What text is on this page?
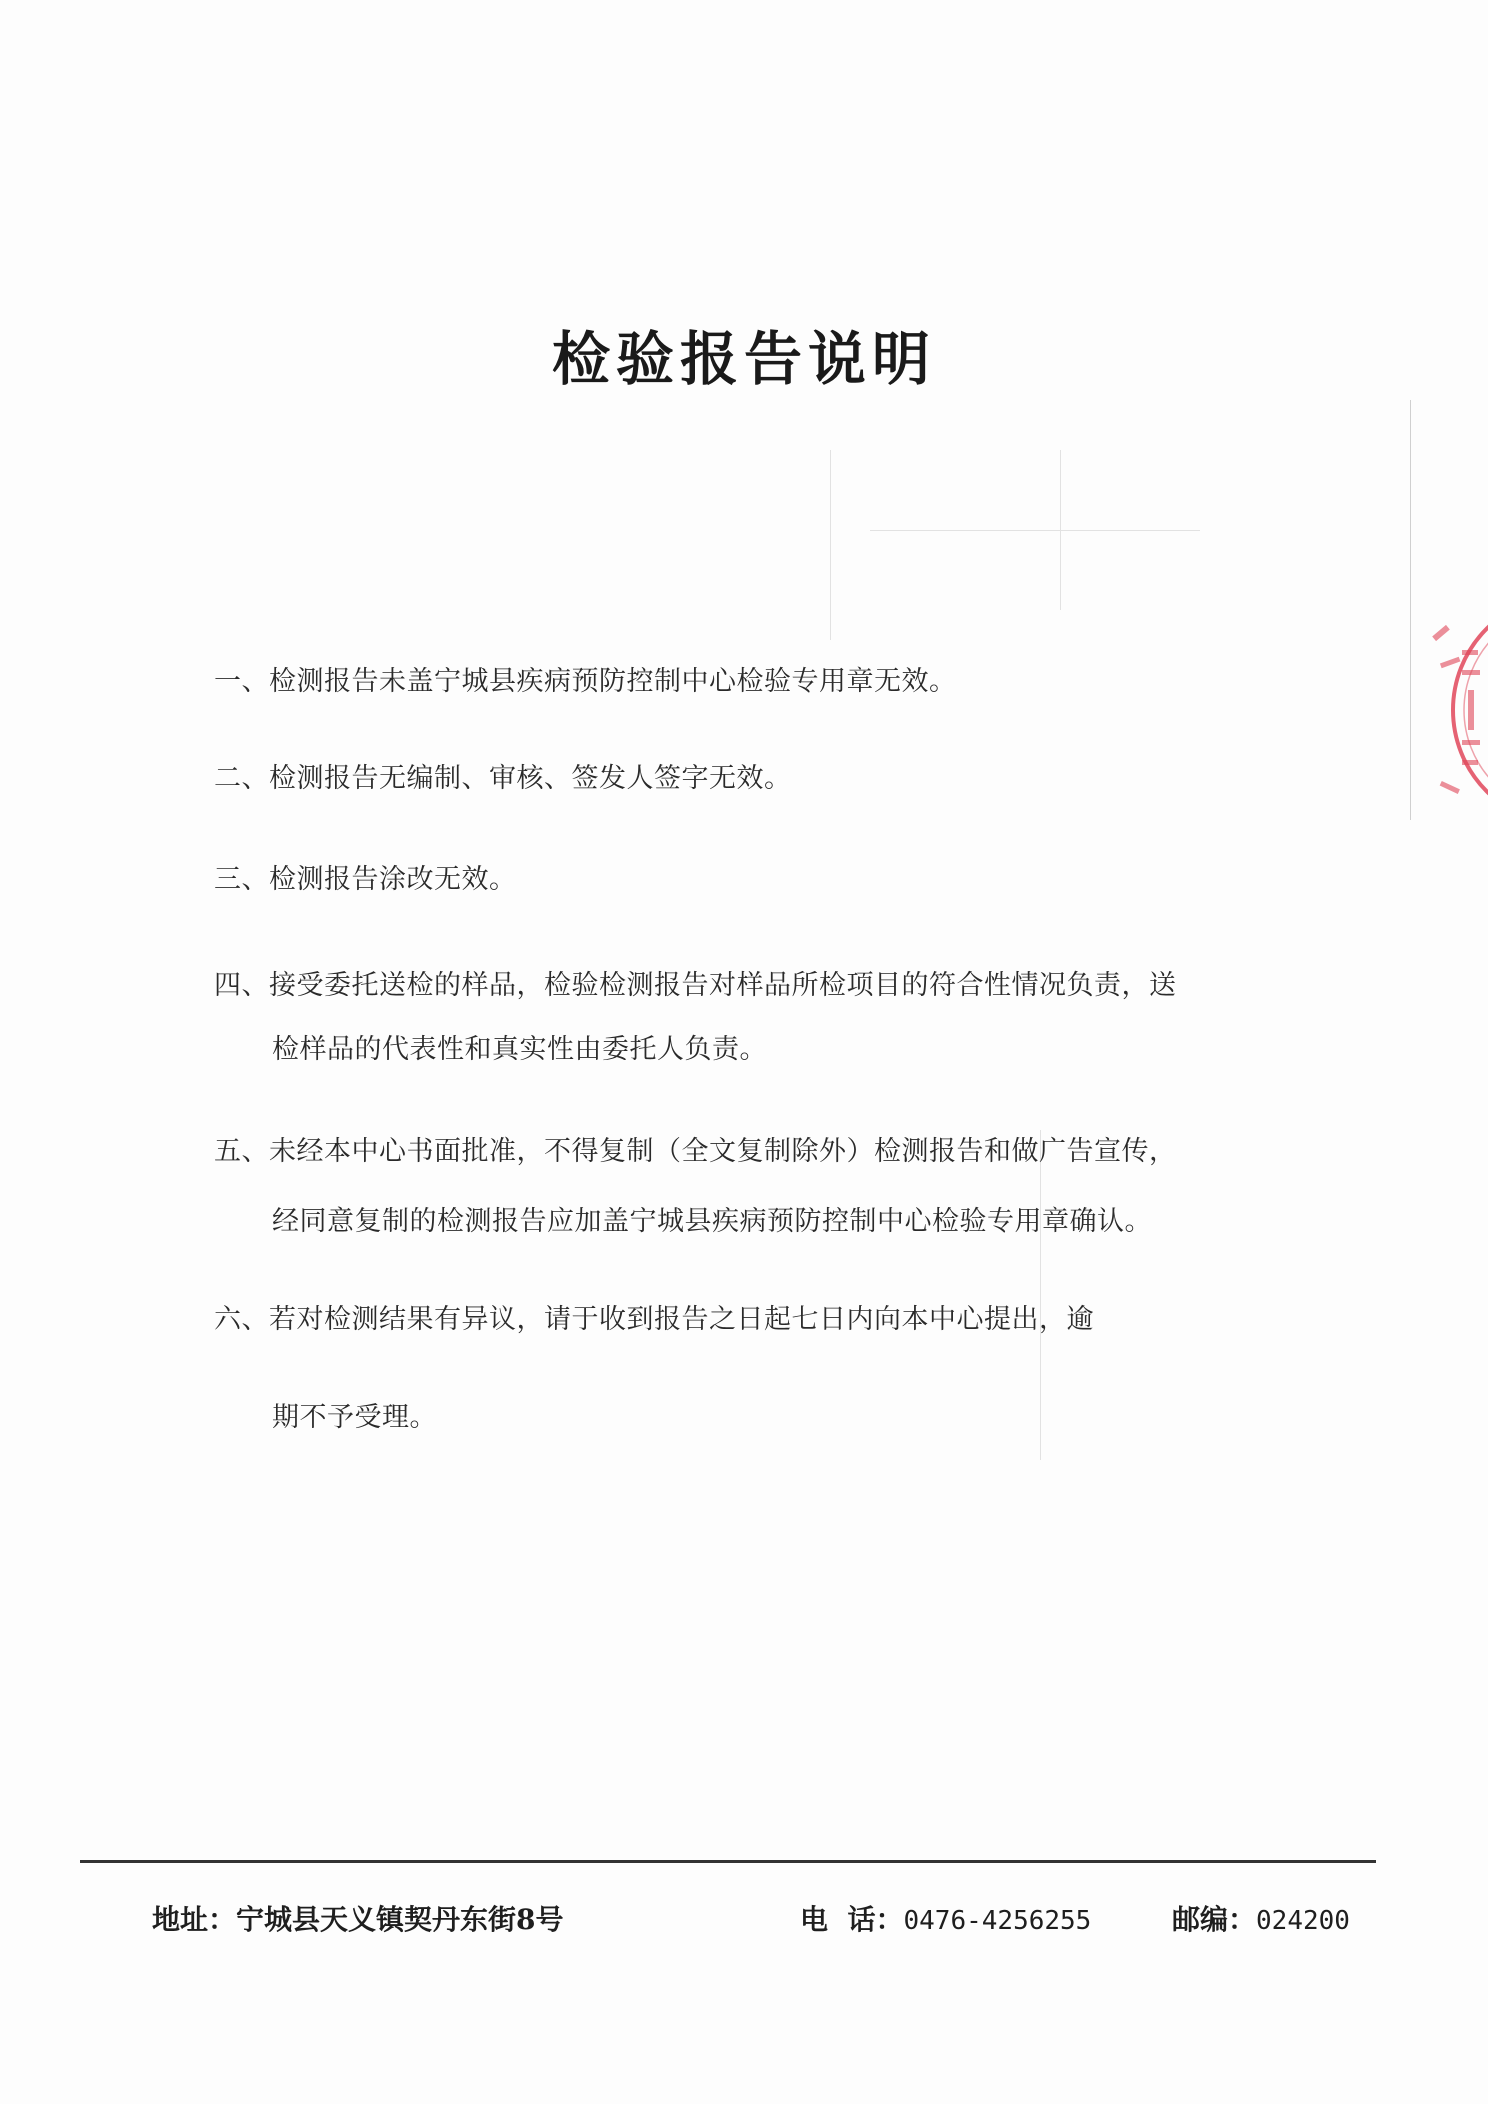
检验报告说明
一、检测报告未盖宁城县疾病预防控制中心检验专用章无效。
二、检测报告无编制、审核、签发人签字无效。
三、检测报告涂改无效。
四、接受委托送检的样品，检验检测报告对样品所检项目的符合性情况负责，送
检样品的代表性和真实性由委托人负责。
五、未经本中心书面批准，不得复制（全文复制除外）检测报告和做广告宣传，
经同意复制的检测报告应加盖宁城县疾病预防控制中心检验专用章确认。
六、若对检测结果有异议，请于收到报告之日起七日内向本中心提出，逾
期不予受理。
地址：宁城县天义镇契丹东街8号	电  话：0476-4256255	邮编：024200
